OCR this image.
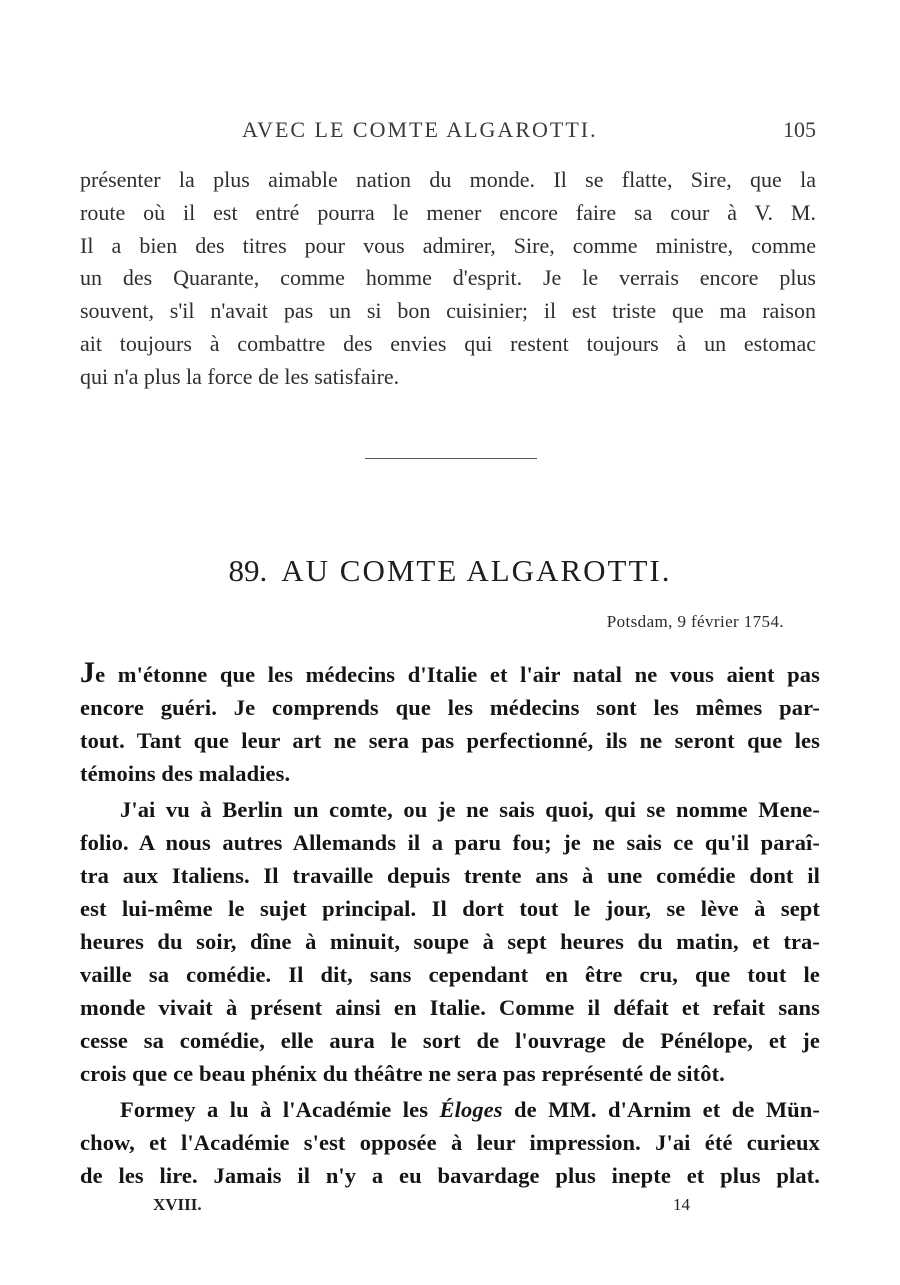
AVEC LE COMTE ALGAROTTI.	105
présenter la plus aimable nation du monde. Il se flatte, Sire, que la
route où il est entré pourra le mener encore faire sa cour à V. M.
Il a bien des titres pour vous admirer, Sire, comme ministre, comme
un des Quarante, comme homme d'esprit. Je le verrais encore plus
souvent, s'il n'avait pas un si bon cuisinier; il est triste que ma raison
ait toujours à combattre des envies qui restent toujours à un estomac
qui n'a plus la force de les satisfaire.
89. AU COMTE ALGAROTTI.
Potsdam, 9 février 1754.
Je m'étonne que les médecins d'Italie et l'air natal ne vous aient pas
encore guéri. Je comprends que les médecins sont les mêmes par-
tout. Tant que leur art ne sera pas perfectionné, ils ne seront que les
témoins des maladies.
J'ai vu à Berlin un comte, ou je ne sais quoi, qui se nomme Mene-
folio. A nous autres Allemands il a paru fou; je ne sais ce qu'il paraî-
tra aux Italiens. Il travaille depuis trente ans à une comédie dont il
est lui-même le sujet principal. Il dort tout le jour, se lève à sept
heures du soir, dîne à minuit, soupe à sept heures du matin, et tra-
vaille sa comédie. Il dit, sans cependant en être cru, que tout le
monde vivait à présent ainsi en Italie. Comme il défait et refait sans
cesse sa comédie, elle aura le sort de l'ouvrage de Pénélope, et je
crois que ce beau phénix du théâtre ne sera pas représenté de sitôt.
Formey a lu à l'Académie les Éloges de MM. d'Arnim et de Mün-
chow, et l'Académie s'est opposée à leur impression. J'ai été curieux
de les lire. Jamais il n'y a eu bavardage plus inepte et plus plat.
XVIII.	14
